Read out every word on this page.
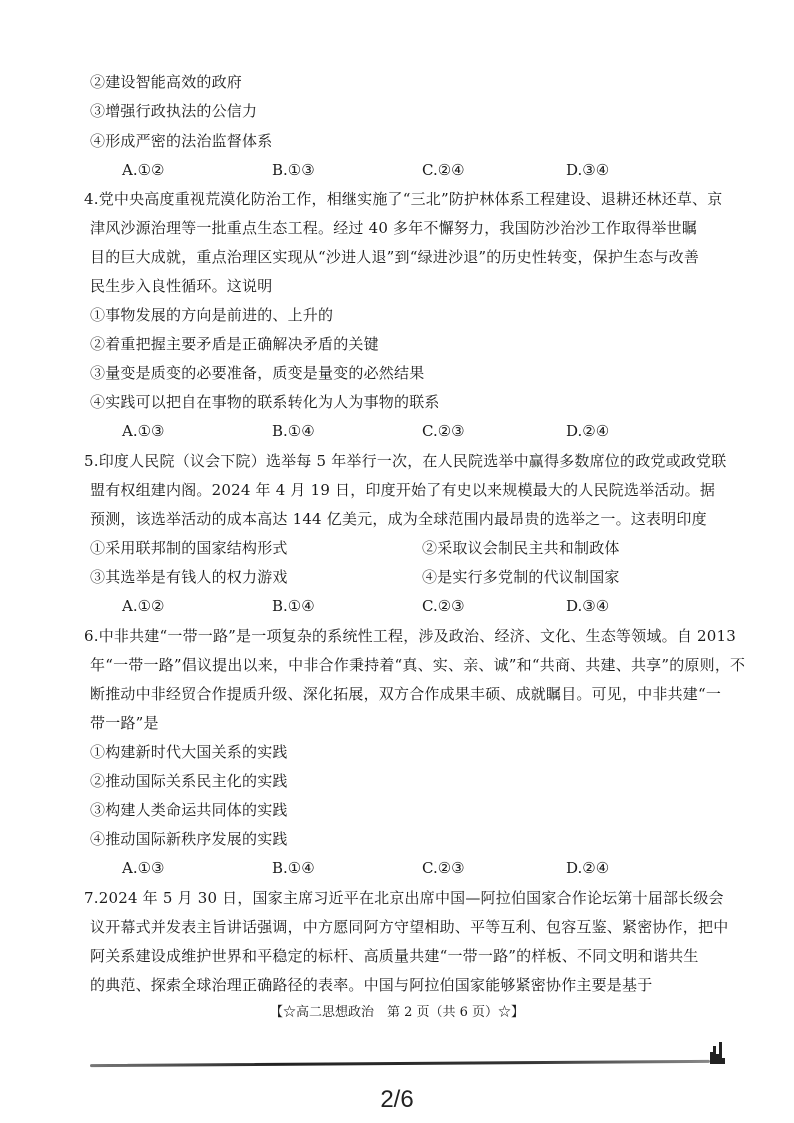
②建设智能高效的政府
③增强行政执法的公信力
④形成严密的法治监督体系
A.①②	B.①③	C.②④	D.③④
4.党中央高度重视荒漠化防治工作，相继实施了“三北”防护林体系工程建设、退耕还林还草、京
津风沙源治理等一批重点生态工程。经过 40 多年不懈努力，我国防沙治沙工作取得举世瞩
目的巨大成就，重点治理区实现从“沙进人退”到“绿进沙退”的历史性转变，保护生态与改善
民生步入良性循环。这说明
①事物发展的方向是前进的、上升的
②着重把握主要矛盾是正确解决矛盾的关键
③量变是质变的必要准备，质变是量变的必然结果
④实践可以把自在事物的联系转化为人为事物的联系
A.①③	B.①④	C.②③	D.②④
5.印度人民院（议会下院）选举每 5 年举行一次，在人民院选举中赢得多数席位的政党或政党联
盟有权组建内阁。2024 年 4 月 19 日，印度开始了有史以来规模最大的人民院选举活动。据
预测，该选举活动的成本高达 144 亿美元，成为全球范围内最昂贵的选举之一。这表明印度
①采用联邦制的国家结构形式	②采取议会制民主共和制政体
③其选举是有钱人的权力游戏	④是实行多党制的代议制国家
A.①②	B.①④	C.②③	D.③④
6.中非共建“一带一路”是一项复杂的系统性工程，涉及政治、经济、文化、生态等领域。自 2013
年“一带一路”倡议提出以来，中非合作秉持着“真、实、亲、诚”和“共商、共建、共享”的原则，不
断推动中非经贸合作提质升级、深化拓展，双方合作成果丰硕、成就瞩目。可见，中非共建“一
带一路”是
①构建新时代大国关系的实践
②推动国际关系民主化的实践
③构建人类命运共同体的实践
④推动国际新秩序发展的实践
A.①③	B.①④	C.②③	D.②④
7.2024 年 5 月 30 日，国家主席习近平在北京出席中国—阿拉伯国家合作论坛第十届部长级会
议开幕式并发表主旨讲话强调，中方愿同阿方守望相助、平等互利、包容互鉴、紧密协作，把中
阿关系建设成维护世界和平稳定的标杆、高质量共建“一带一路”的样板、不同文明和谐共生
的典范、探索全球治理正确路径的表率。中国与阿拉伯国家能够紧密协作主要是基于
【☆高二思想政治　第 2 页（共 6 页）☆】
2/6
